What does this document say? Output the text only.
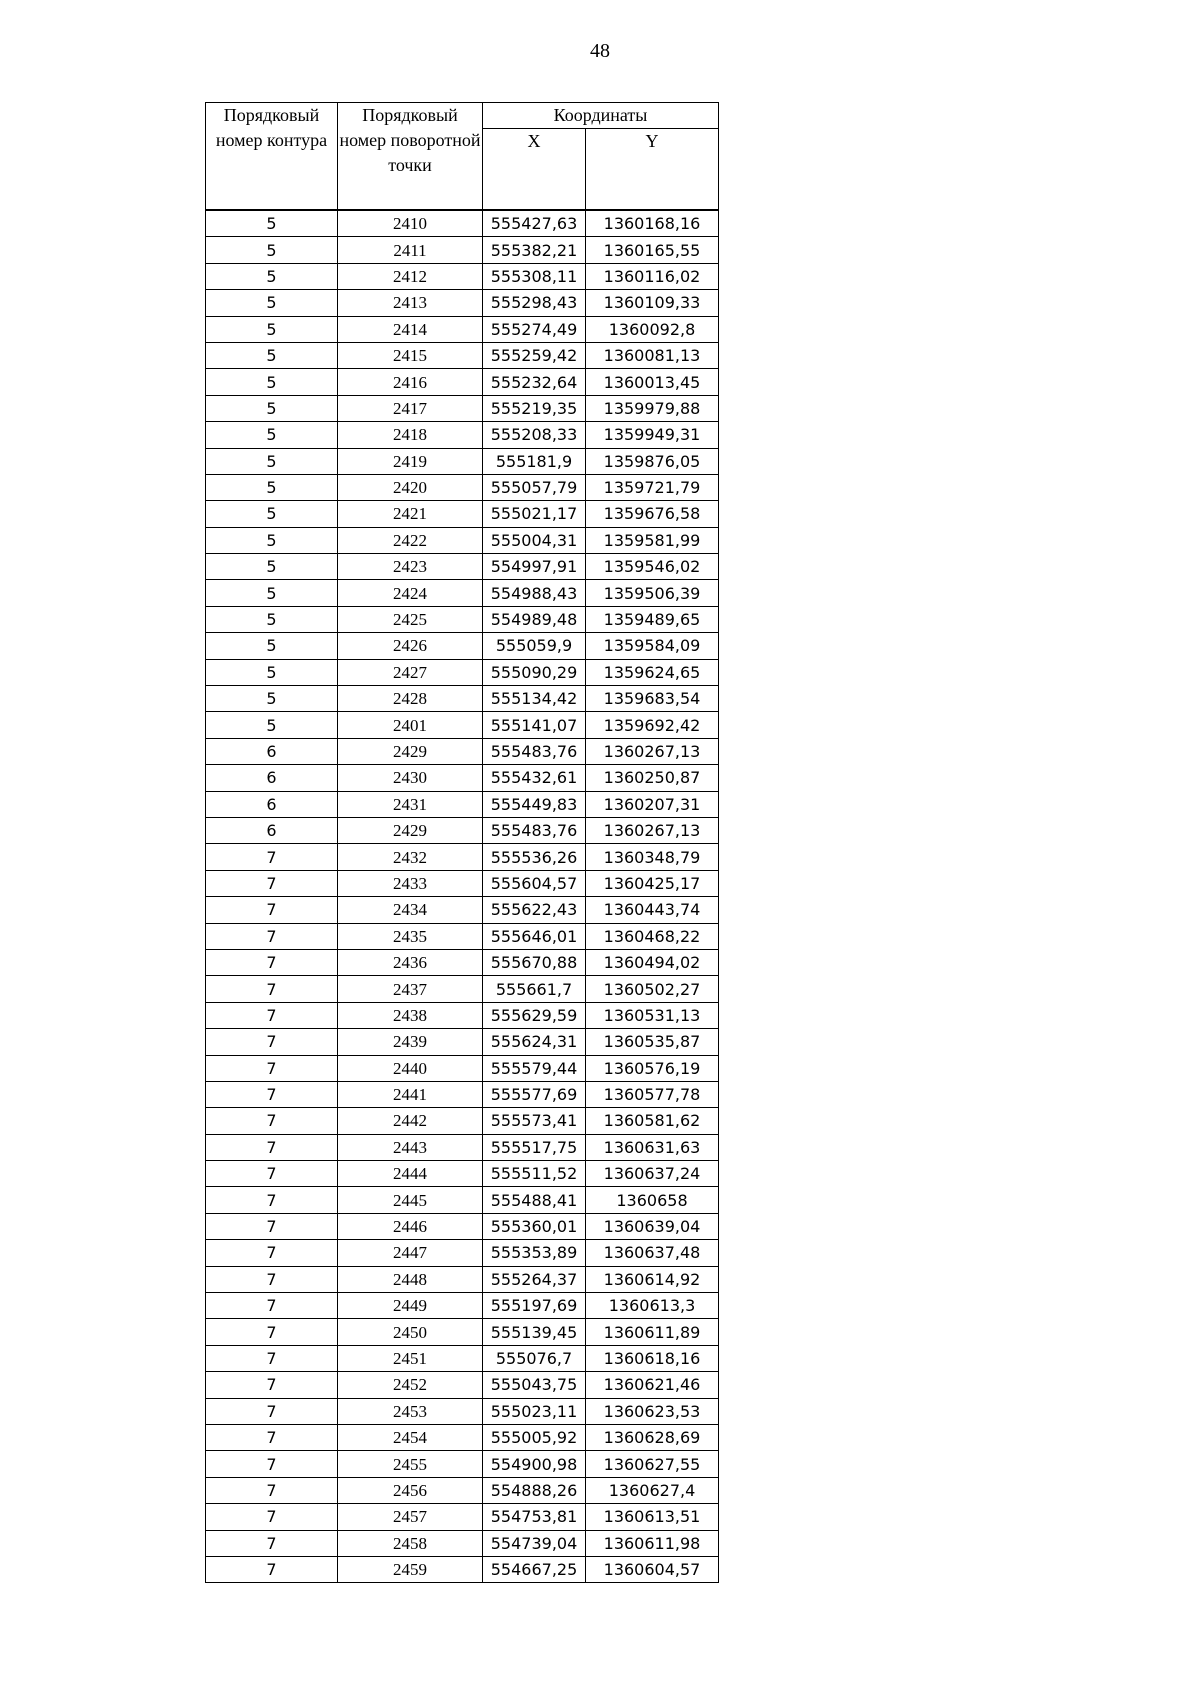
48
Порядковый номер контура	Порядковый номер поворотной точки	Координаты	
		X	Y
5	2410	555427,63	1360168,16
5	2411	555382,21	1360165,55
5	2412	555308,11	1360116,02
5	2413	555298,43	1360109,33
5	2414	555274,49	1360092,8
5	2415	555259,42	1360081,13
5	2416	555232,64	1360013,45
5	2417	555219,35	1359979,88
5	2418	555208,33	1359949,31
5	2419	555181,9	1359876,05
5	2420	555057,79	1359721,79
5	2421	555021,17	1359676,58
5	2422	555004,31	1359581,99
5	2423	554997,91	1359546,02
5	2424	554988,43	1359506,39
5	2425	554989,48	1359489,65
5	2426	555059,9	1359584,09
5	2427	555090,29	1359624,65
5	2428	555134,42	1359683,54
5	2401	555141,07	1359692,42
6	2429	555483,76	1360267,13
6	2430	555432,61	1360250,87
6	2431	555449,83	1360207,31
6	2429	555483,76	1360267,13
7	2432	555536,26	1360348,79
7	2433	555604,57	1360425,17
7	2434	555622,43	1360443,74
7	2435	555646,01	1360468,22
7	2436	555670,88	1360494,02
7	2437	555661,7	1360502,27
7	2438	555629,59	1360531,13
7	2439	555624,31	1360535,87
7	2440	555579,44	1360576,19
7	2441	555577,69	1360577,78
7	2442	555573,41	1360581,62
7	2443	555517,75	1360631,63
7	2444	555511,52	1360637,24
7	2445	555488,41	1360658
7	2446	555360,01	1360639,04
7	2447	555353,89	1360637,48
7	2448	555264,37	1360614,92
7	2449	555197,69	1360613,3
7	2450	555139,45	1360611,89
7	2451	555076,7	1360618,16
7	2452	555043,75	1360621,46
7	2453	555023,11	1360623,53
7	2454	555005,92	1360628,69
7	2455	554900,98	1360627,55
7	2456	554888,26	1360627,4
7	2457	554753,81	1360613,51
7	2458	554739,04	1360611,98
7	2459	554667,25	1360604,57
